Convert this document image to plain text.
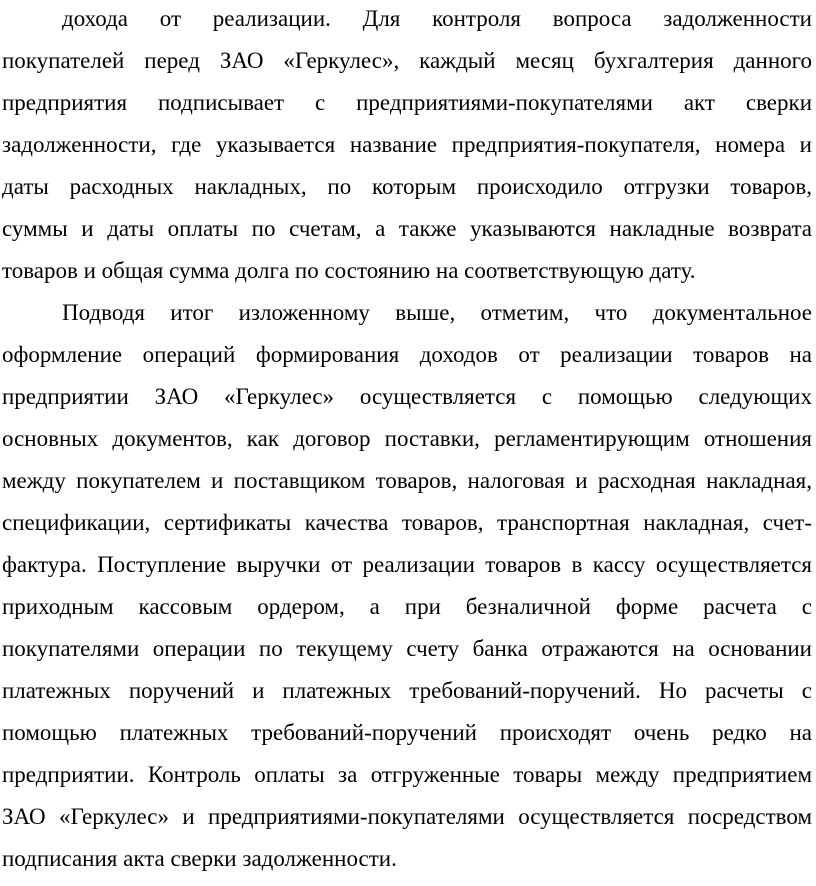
дохода от реализации. Для контроля вопроса задолженности
покупателей перед ЗАО «Геркулес», каждый месяц бухгалтерия данного
предприятия подписывает с предприятиями-покупателями акт сверки
задолженности, где указывается название предприятия-покупателя, номера и
даты расходных накладных, по которым происходило отгрузки товаров,
суммы и даты оплаты по счетам, а также указываются накладные возврата
товаров и общая сумма долга по состоянию на соответствующую дату.
Подводя итог изложенному выше, отметим, что документальное
оформление операций формирования доходов от реализации товаров на
предприятии ЗАО «Геркулес» осуществляется с помощью следующих
основных документов, как договор поставки, регламентирующим отношения
между покупателем и поставщиком товаров, налоговая и расходная накладная,
спецификации, сертификаты качества товаров, транспортная накладная, счет-
фактура. Поступление выручки от реализации товаров в кассу осуществляется
приходным кассовым ордером, а при безналичной форме расчета с
покупателями операции по текущему счету банка отражаются на основании
платежных поручений и платежных требований-поручений. Но расчеты с
помощью платежных требований-поручений происходят очень редко на
предприятии. Контроль оплаты за отгруженные товары между предприятием
ЗАО «Геркулес» и предприятиями-покупателями осуществляется посредством
подписания акта сверки задолженности.
